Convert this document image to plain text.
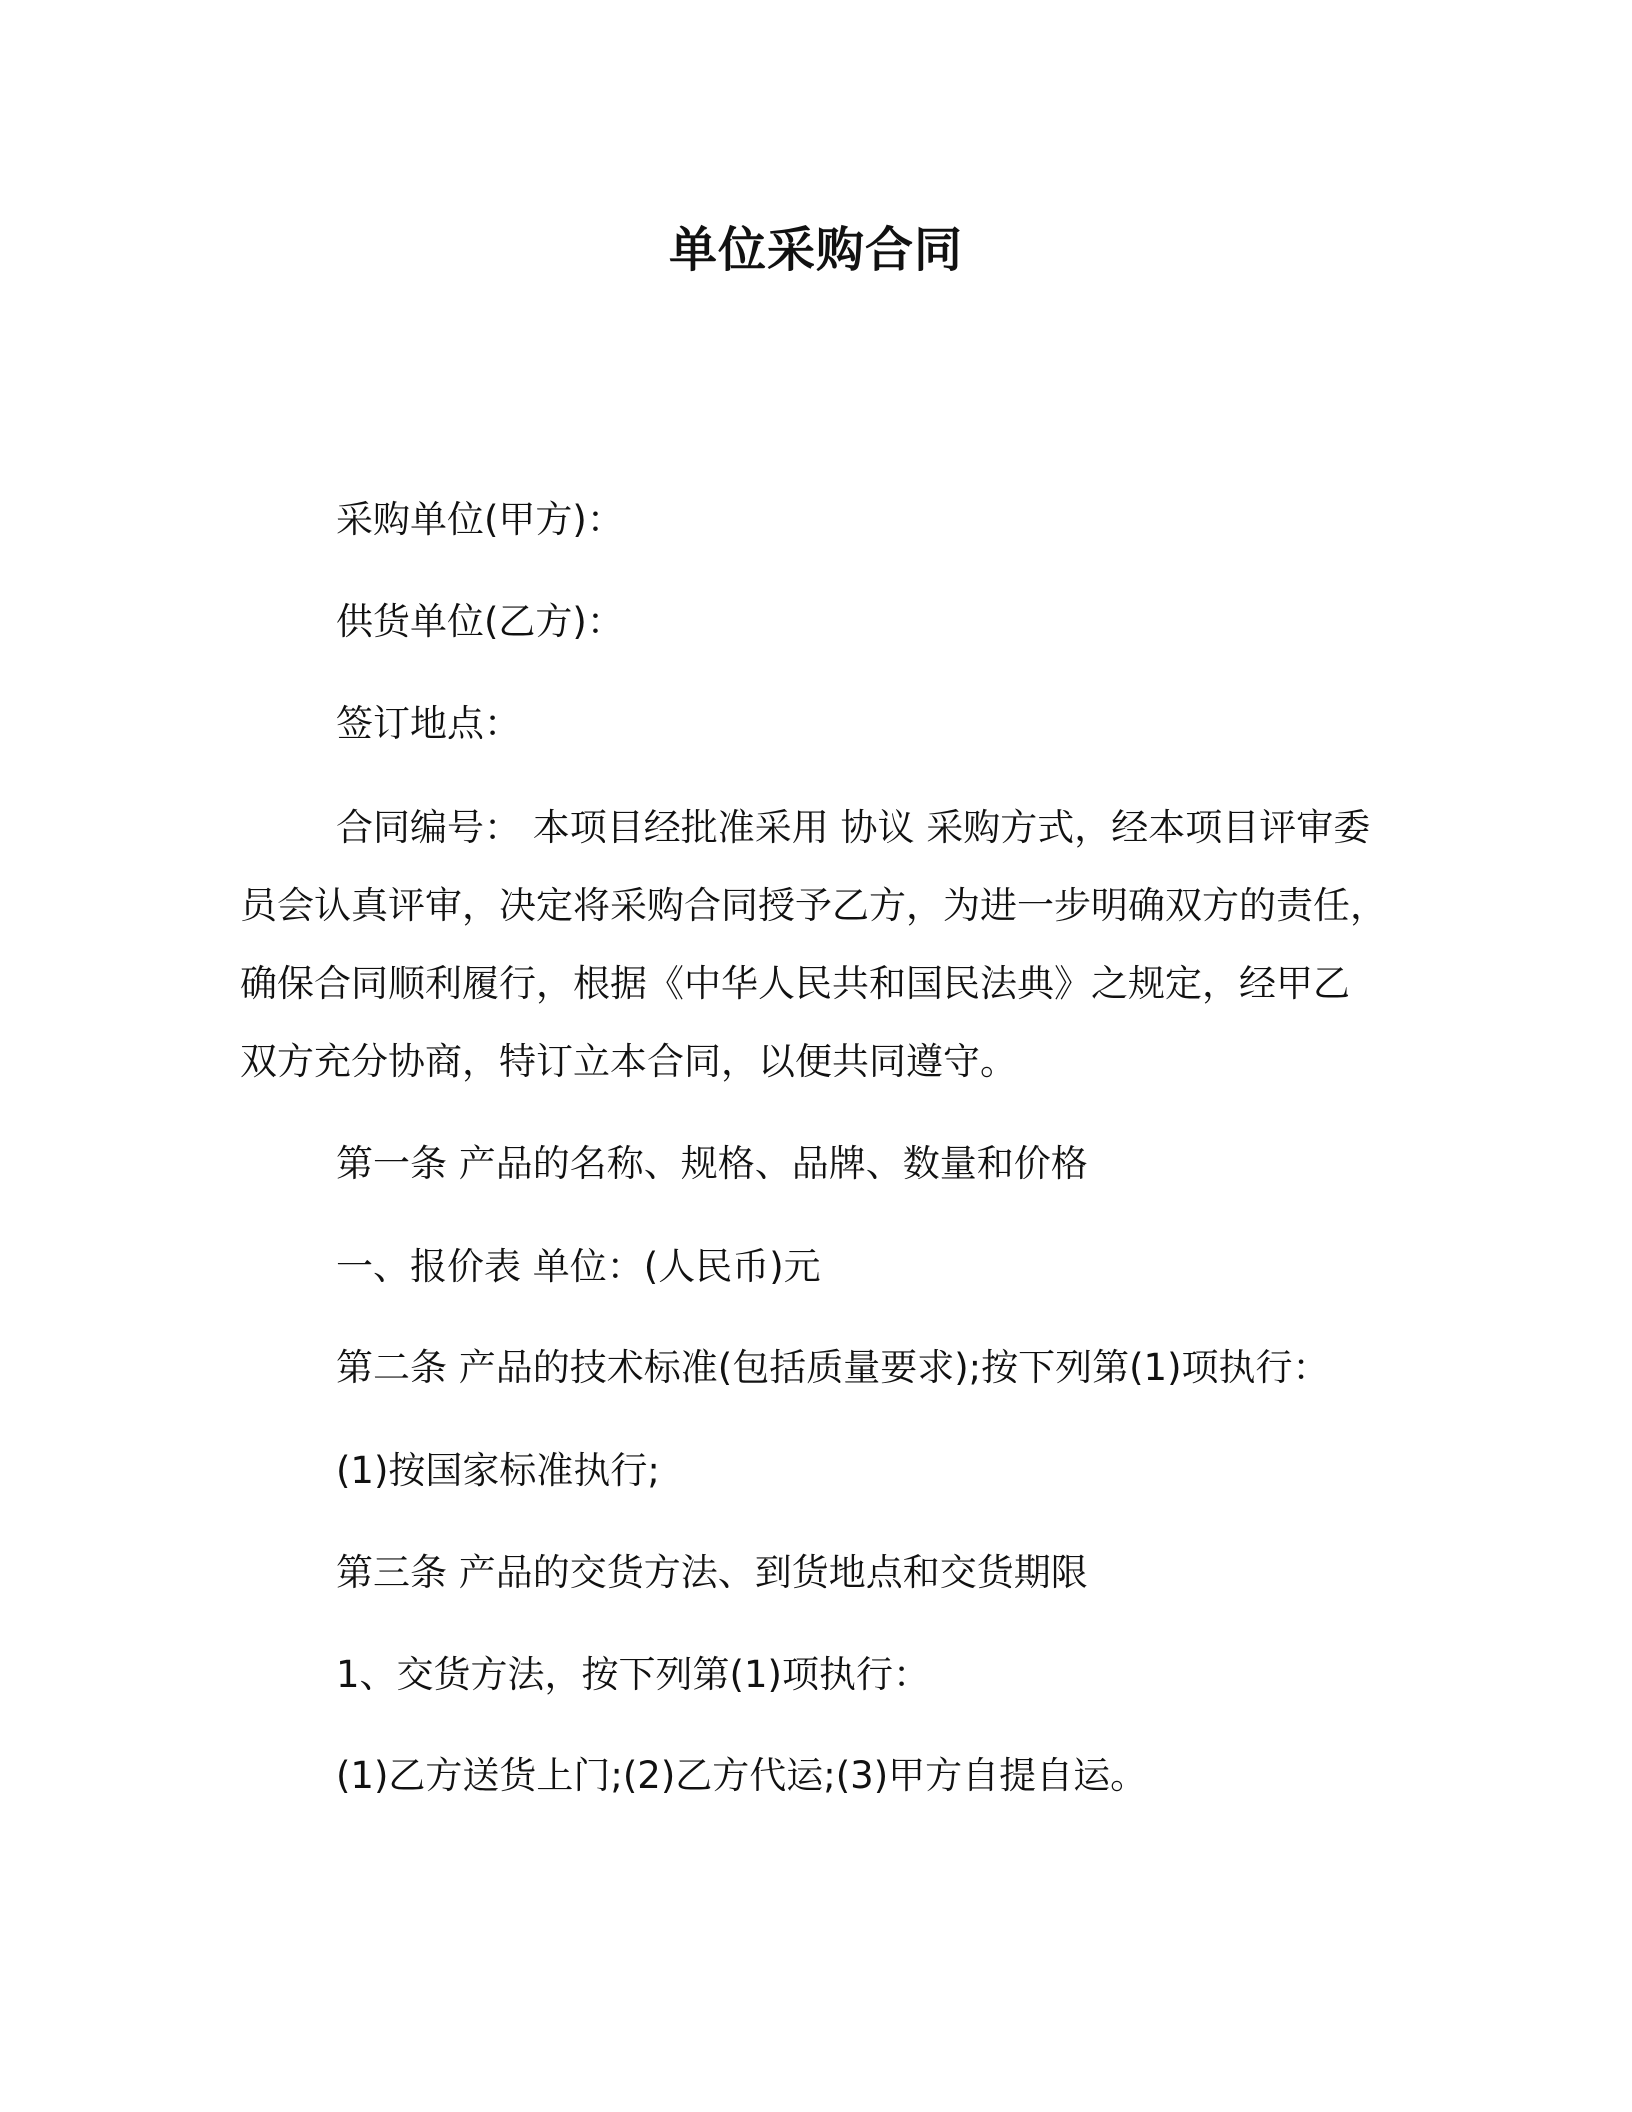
单位采购合同
采购单位(甲方)：
供货单位(乙方)：
签订地点：
合同编号： 本项目经批准采用 协议 采购方式，经本项目评审委
员会认真评审，决定将采购合同授予乙方，为进一步明确双方的责任，
确保合同顺利履行，根据《中华人民共和国民法典》之规定，经甲乙
双方充分协商，特订立本合同，以便共同遵守。
第一条 产品的名称、规格、品牌、数量和价格
一、报价表 单位：(人民币)元
第二条 产品的技术标准(包括质量要求);按下列第(1)项执行：
(1)按国家标准执行;
第三条 产品的交货方法、到货地点和交货期限
1、交货方法，按下列第(1)项执行：
(1)乙方送货上门;(2)乙方代运;(3)甲方自提自运。
